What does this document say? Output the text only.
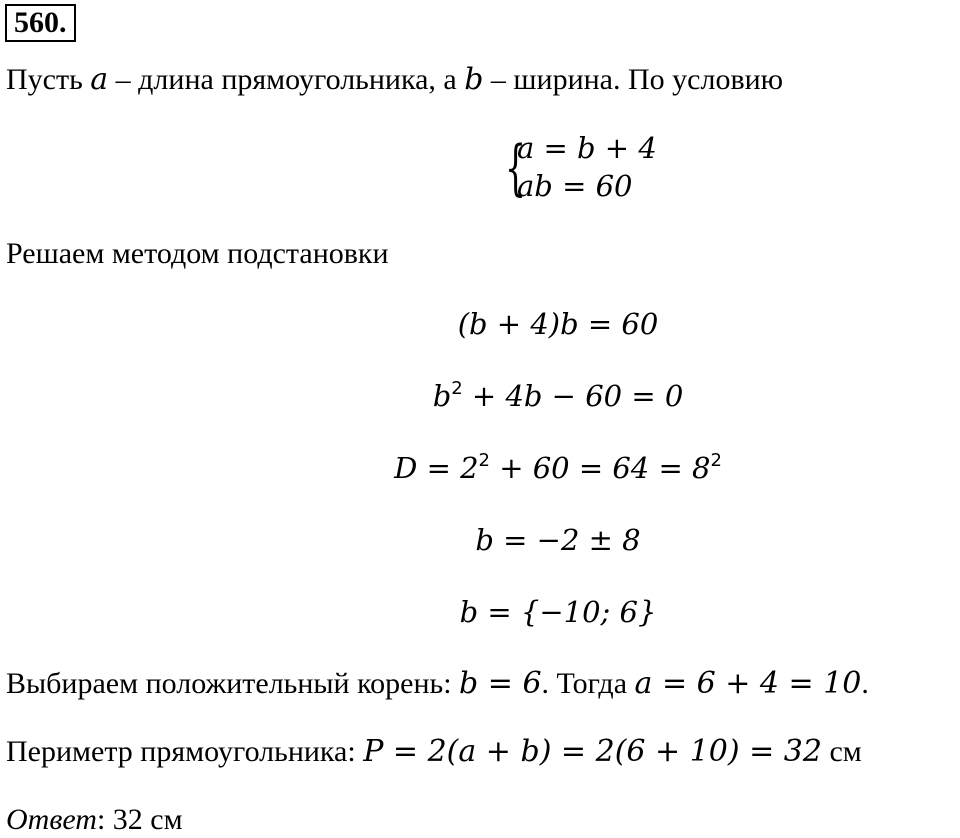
560.
Пусть a – длина прямоугольника, а b – ширина. По условию
{
a = b + 4
ab = 60
Решаем методом подстановки
(b + 4)b = 60
$b^2 + 4b - 60 = 0$
$D = 2^2 + 60 = 64 = 8^2$
b = −2 ± 8
b = {−10; 6}
Выбираем положительный корень: b = 6. Тогда a = 6 + 4 = 10.
Периметр прямоугольника: P = 2(a + b) = 2(6 + 10) = 32 см
Ответ: 32 см
